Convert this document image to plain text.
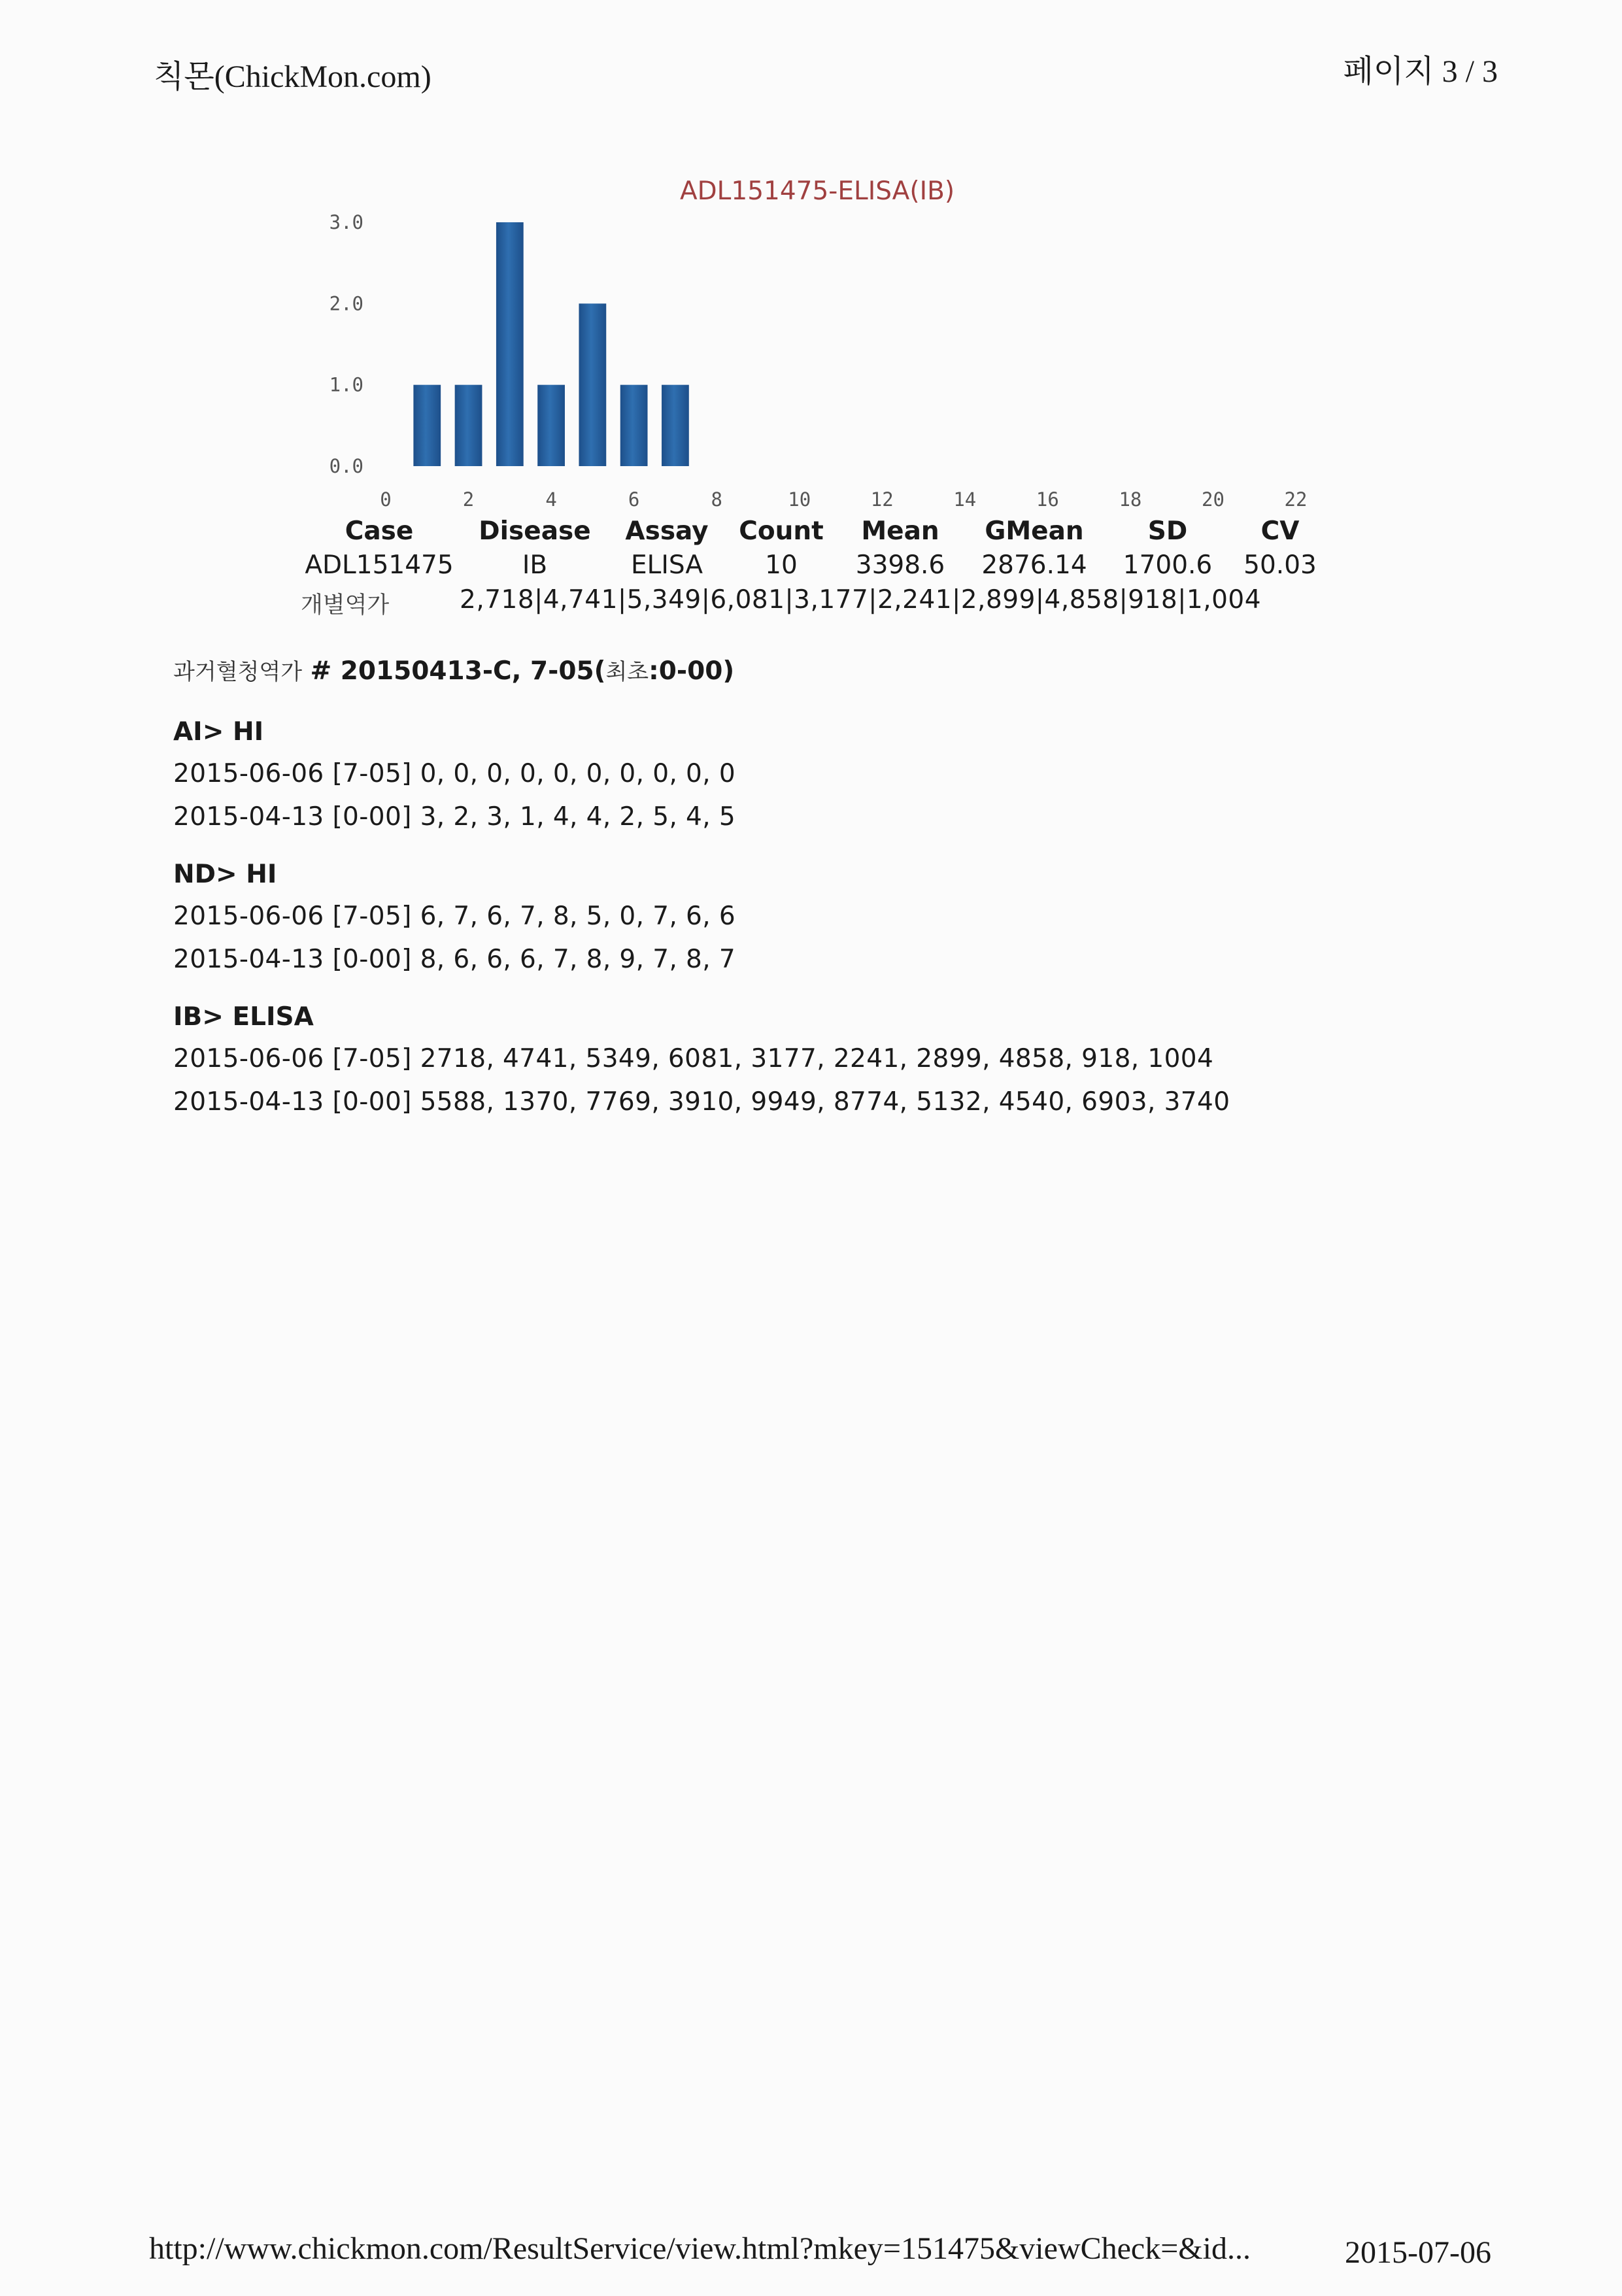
칙몬(ChickMon.com)	페이지 3 / 3
ADL151475-ELISA(IB)
0.0
1.0
2.0
3.0
0	2	4	6	8	10	12	14	16	18	20	22
Case	Disease Assay Count Mean GMean	SD	CV
ADL151475	IB	ELISA 10 3398.6 2876.14 1700.6 50.03
개별역가	2,718|4,741|5,349|6,081|3,177|2,241|2,899|4,858|918|1,004
과거혈청역가 # 20150413-C, 7-05(최초:0-00)
AI> HI
2015-06-06 [7-05] 0, 0, 0, 0, 0, 0, 0, 0, 0, 0
2015-04-13 [0-00] 3, 2, 3, 1, 4, 4, 2, 5, 4, 5
ND> HI
2015-06-06 [7-05] 6, 7, 6, 7, 8, 5, 0, 7, 6, 6
2015-04-13 [0-00] 8, 6, 6, 6, 7, 8, 9, 7, 8, 7
IB> ELISA
2015-06-06 [7-05] 2718, 4741, 5349, 6081, 3177, 2241, 2899, 4858, 918, 1004
2015-04-13 [0-00] 5588, 1370, 7769, 3910, 9949, 8774, 5132, 4540, 6903, 3740
http://www.chickmon.com/ResultService/view.html?mkey=151475&viewCheck=&id...	2015-07-06
